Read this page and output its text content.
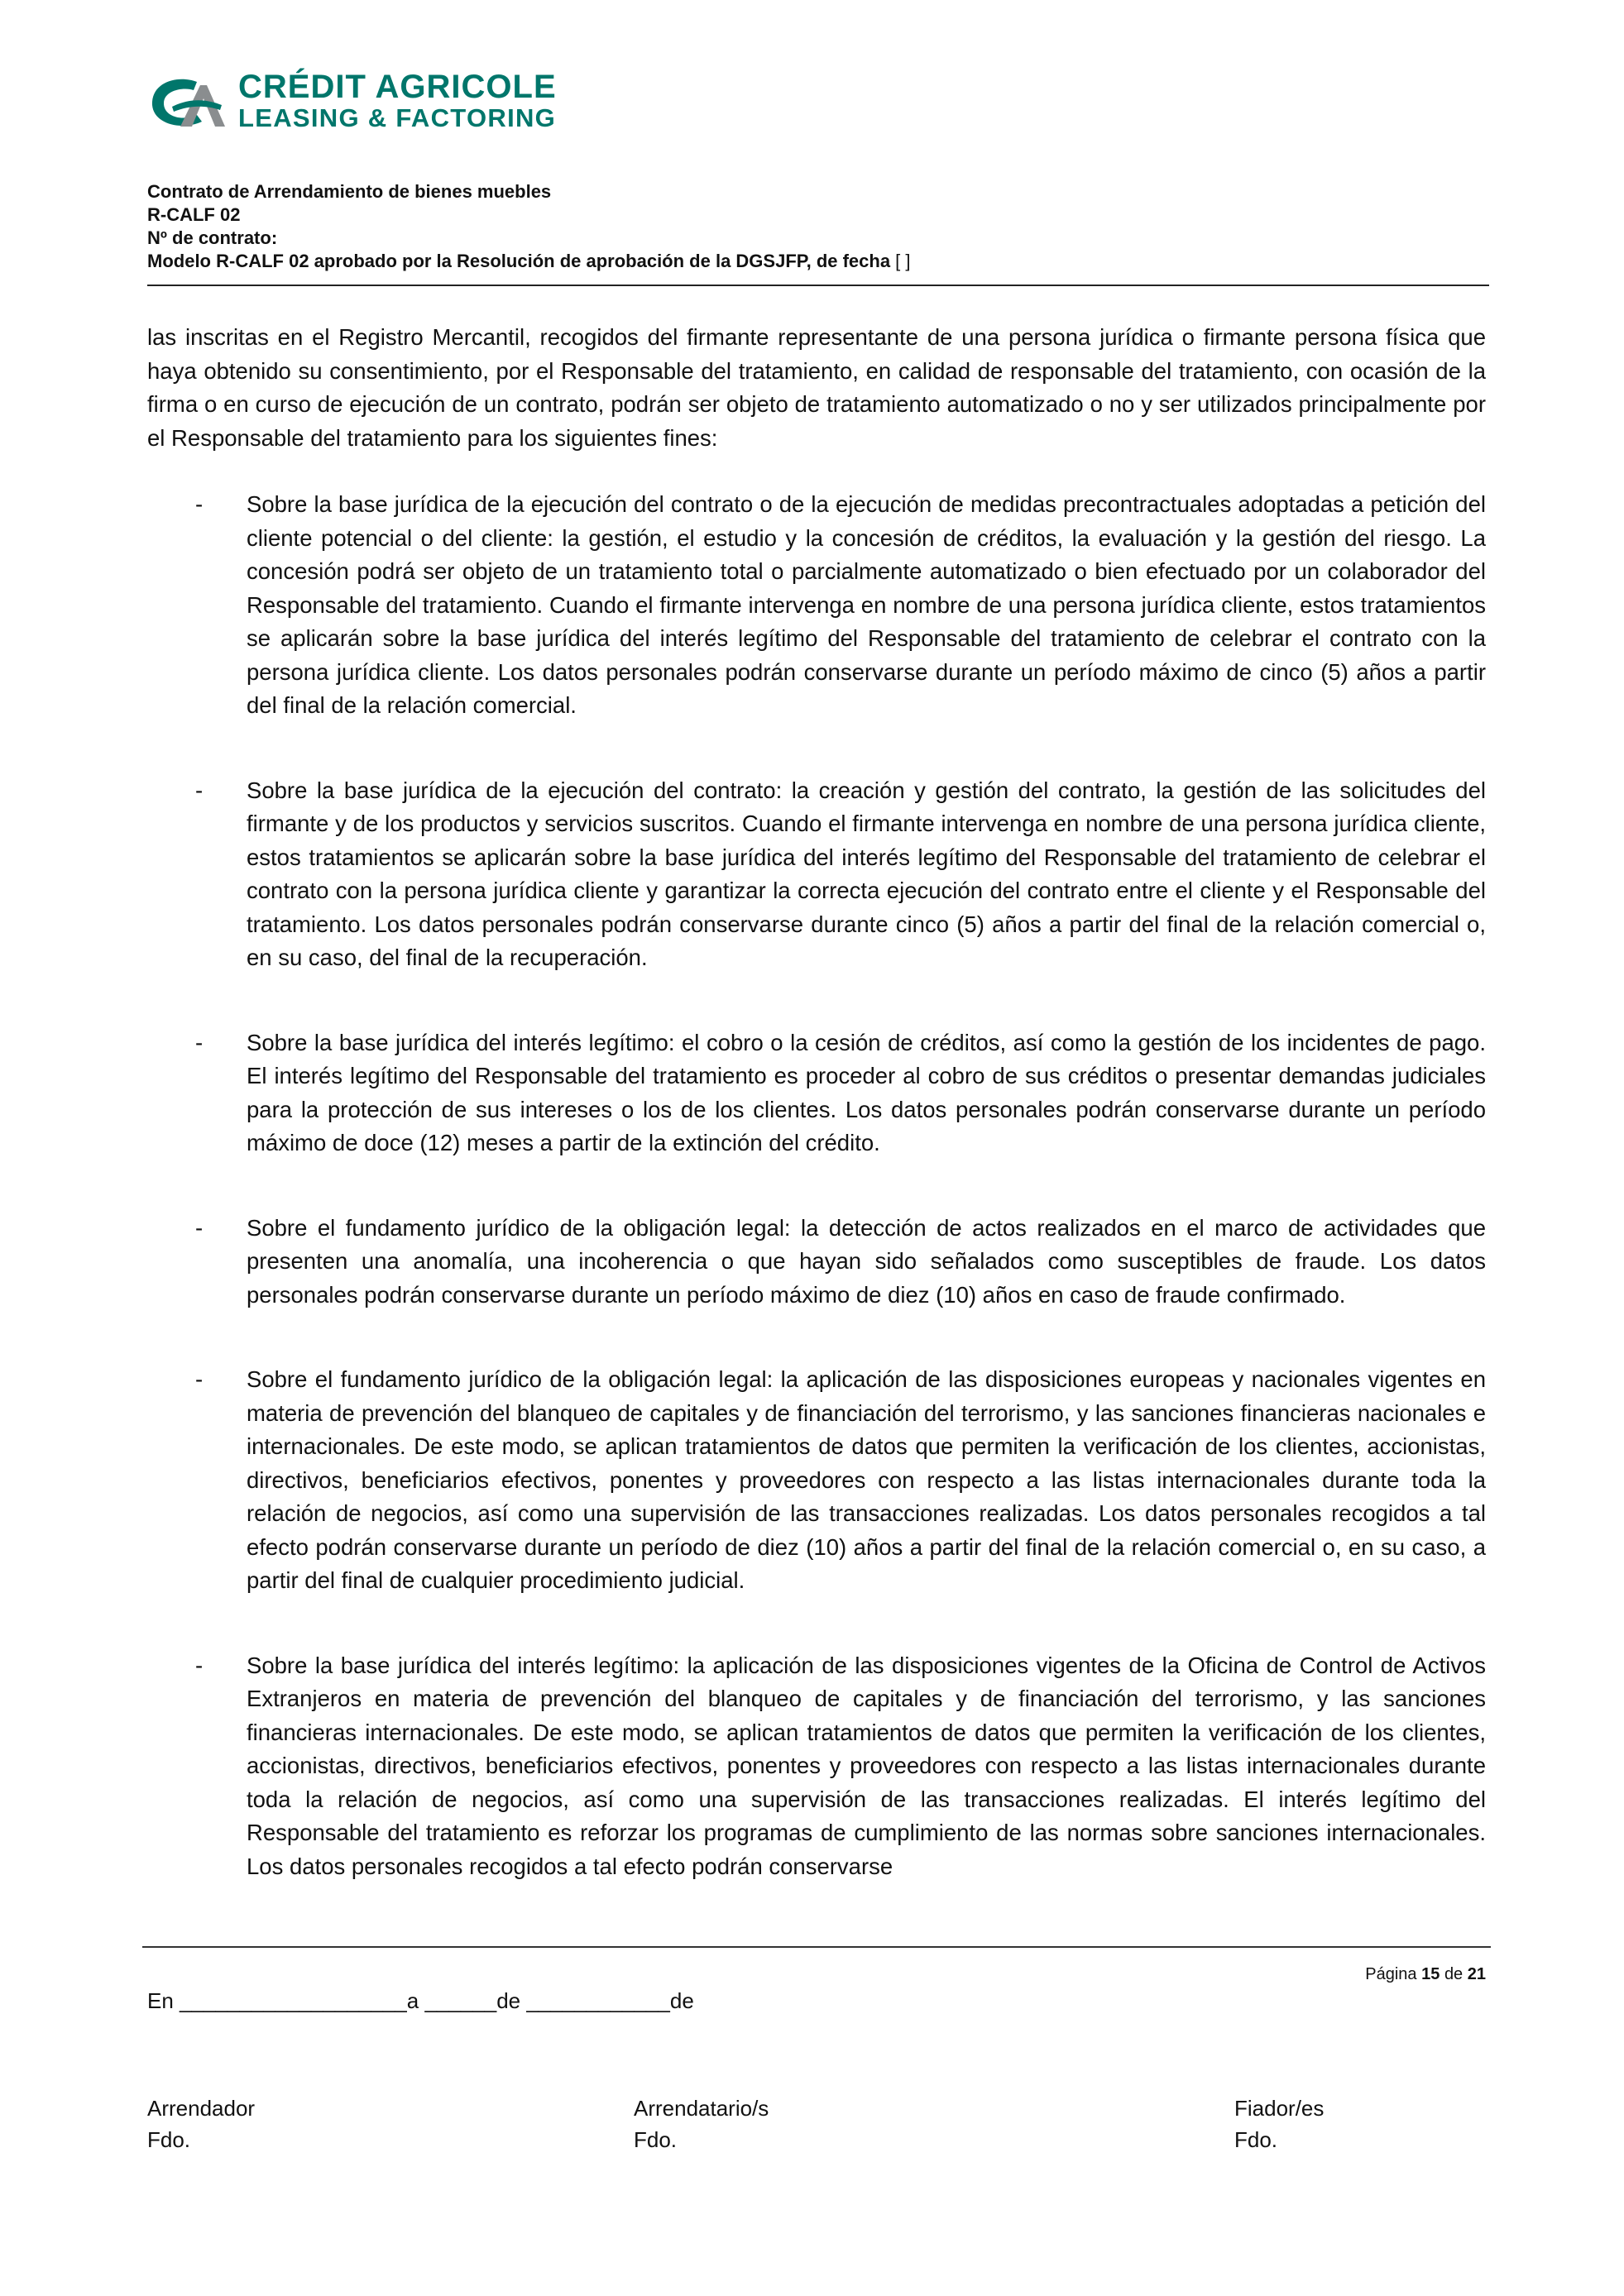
CRÉDIT AGRICOLE
LEASING & FACTORING
Contrato de Arrendamiento de bienes muebles
R-CALF 02
Nº de contrato:
Modelo R-CALF 02 aprobado por la Resolución de aprobación de la DGSJFP, de fecha [ ]

las inscritas en el Registro Mercantil, recogidos del firmante representante de una persona jurídica o firmante persona física que haya obtenido su consentimiento, por el Responsable del tratamiento, en calidad de responsable del tratamiento, con ocasión de la firma o en curso de ejecución de un contrato, podrán ser objeto de tratamiento automatizado o no y ser utilizados principalmente por el Responsable del tratamiento para los siguientes fines:

- Sobre la base jurídica de la ejecución del contrato o de la ejecución de medidas precontractuales adoptadas a petición del cliente potencial o del cliente: la gestión, el estudio y la concesión de créditos, la evaluación y la gestión del riesgo. La concesión podrá ser objeto de un tratamiento total o parcialmente automatizado o bien efectuado por un colaborador del Responsable del tratamiento. Cuando el firmante intervenga en nombre de una persona jurídica cliente, estos tratamientos se aplicarán sobre la base jurídica del interés legítimo del Responsable del tratamiento de celebrar el contrato con la persona jurídica cliente. Los datos personales podrán conservarse durante un período máximo de cinco (5) años a partir del final de la relación comercial.
- Sobre la base jurídica de la ejecución del contrato: la creación y gestión del contrato, la gestión de las solicitudes del firmante y de los productos y servicios suscritos. Cuando el firmante intervenga en nombre de una persona jurídica cliente, estos tratamientos se aplicarán sobre la base jurídica del interés legítimo del Responsable del tratamiento de celebrar el contrato con la persona jurídica cliente y garantizar la correcta ejecución del contrato entre el cliente y el Responsable del tratamiento. Los datos personales podrán conservarse durante cinco (5) años a partir del final de la relación comercial o, en su caso, del final de la recuperación.
- Sobre la base jurídica del interés legítimo: el cobro o la cesión de créditos, así como la gestión de los incidentes de pago. El interés legítimo del Responsable del tratamiento es proceder al cobro de sus créditos o presentar demandas judiciales para la protección de sus intereses o los de los clientes. Los datos personales podrán conservarse durante un período máximo de doce (12) meses a partir de la extinción del crédito.
- Sobre el fundamento jurídico de la obligación legal: la detección de actos realizados en el marco de actividades que presenten una anomalía, una incoherencia o que hayan sido señalados como susceptibles de fraude. Los datos personales podrán conservarse durante un período máximo de diez (10) años en caso de fraude confirmado.
- Sobre el fundamento jurídico de la obligación legal: la aplicación de las disposiciones europeas y nacionales vigentes en materia de prevención del blanqueo de capitales y de financiación del terrorismo, y las sanciones financieras nacionales e internacionales. De este modo, se aplican tratamientos de datos que permiten la verificación de los clientes, accionistas, directivos, beneficiarios efectivos, ponentes y proveedores con respecto a las listas internacionales durante toda la relación de negocios, así como una supervisión de las transacciones realizadas. Los datos personales recogidos a tal efecto podrán conservarse durante un período de diez (10) años a partir del final de la relación comercial o, en su caso, a partir del final de cualquier procedimiento judicial.
- Sobre la base jurídica del interés legítimo: la aplicación de las disposiciones vigentes de la Oficina de Control de Activos Extranjeros en materia de prevención del blanqueo de capitales y de financiación del terrorismo, y las sanciones financieras internacionales. De este modo, se aplican tratamientos de datos que permiten la verificación de los clientes, accionistas, directivos, beneficiarios efectivos, ponentes y proveedores con respecto a las listas internacionales durante toda la relación de negocios, así como una supervisión de las transacciones realizadas. El interés legítimo del Responsable del tratamiento es reforzar los programas de cumplimiento de las normas sobre sanciones internacionales. Los datos personales recogidos a tal efecto podrán conservarse
Página 15 de 21
En ___________________a ______de ____________de
Arrendador
Fdo.
Arrendatario/s
Fdo.
Fiador/es
Fdo.
